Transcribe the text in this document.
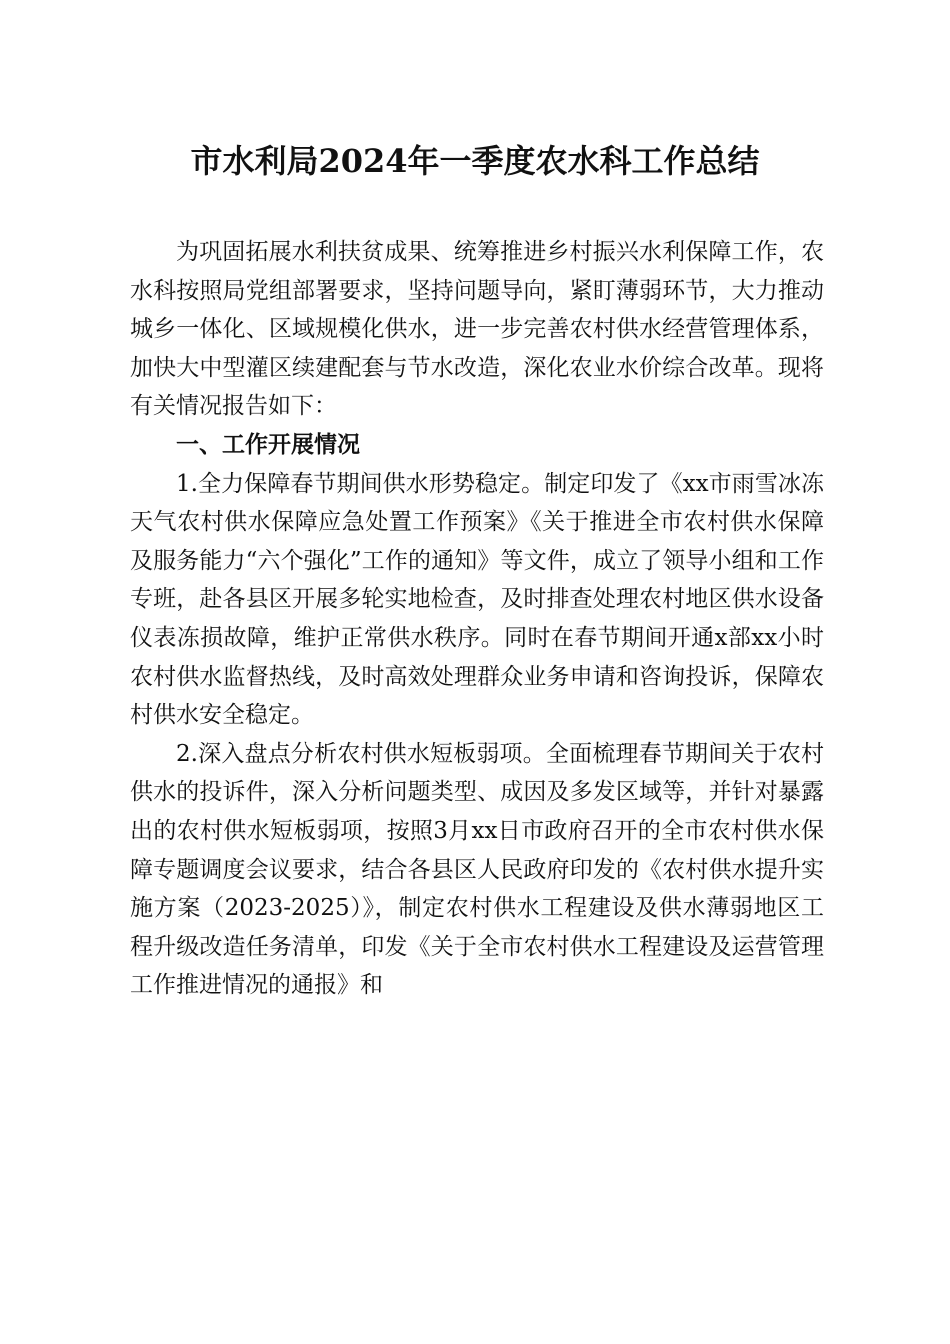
市水利局2024年一季度农水科工作总结

为巩固拓展水利扶贫成果、统筹推进乡村振兴水利保障工作，农水科按照局党组部署要求，坚持问题导向，紧盯薄弱环节，大力推动城乡一体化、区域规模化供水，进一步完善农村供水经营管理体系，加快大中型灌区续建配套与节水改造，深化农业水价综合改革。现将有关情况报告如下：

一、工作开展情况

1.全力保障春节期间供水形势稳定。制定印发了《xx市雨雪冰冻天气农村供水保障应急处置工作预案》《关于推进全市农村供水保障及服务能力“六个强化”工作的通知》等文件，成立了领导小组和工作专班，赴各县区开展多轮实地检查，及时排查处理农村地区供水设备仪表冻损故障，维护正常供水秩序。同时在春节期间开通x部xx小时农村供水监督热线，及时高效处理群众业务申请和咨询投诉，保障农村供水安全稳定。

2.深入盘点分析农村供水短板弱项。全面梳理春节期间关于农村供水的投诉件，深入分析问题类型、成因及多发区域等，并针对暴露出的农村供水短板弱项，按照3月xx日市政府召开的全市农村供水保障专题调度会议要求，结合各县区人民政府印发的《农村供水提升实施方案（2023-2025）》，制定农村供水工程建设及供水薄弱地区工程升级改造任务清单，印发《关于全市农村供水工程建设及运营管理工作推进情况的通报》和
